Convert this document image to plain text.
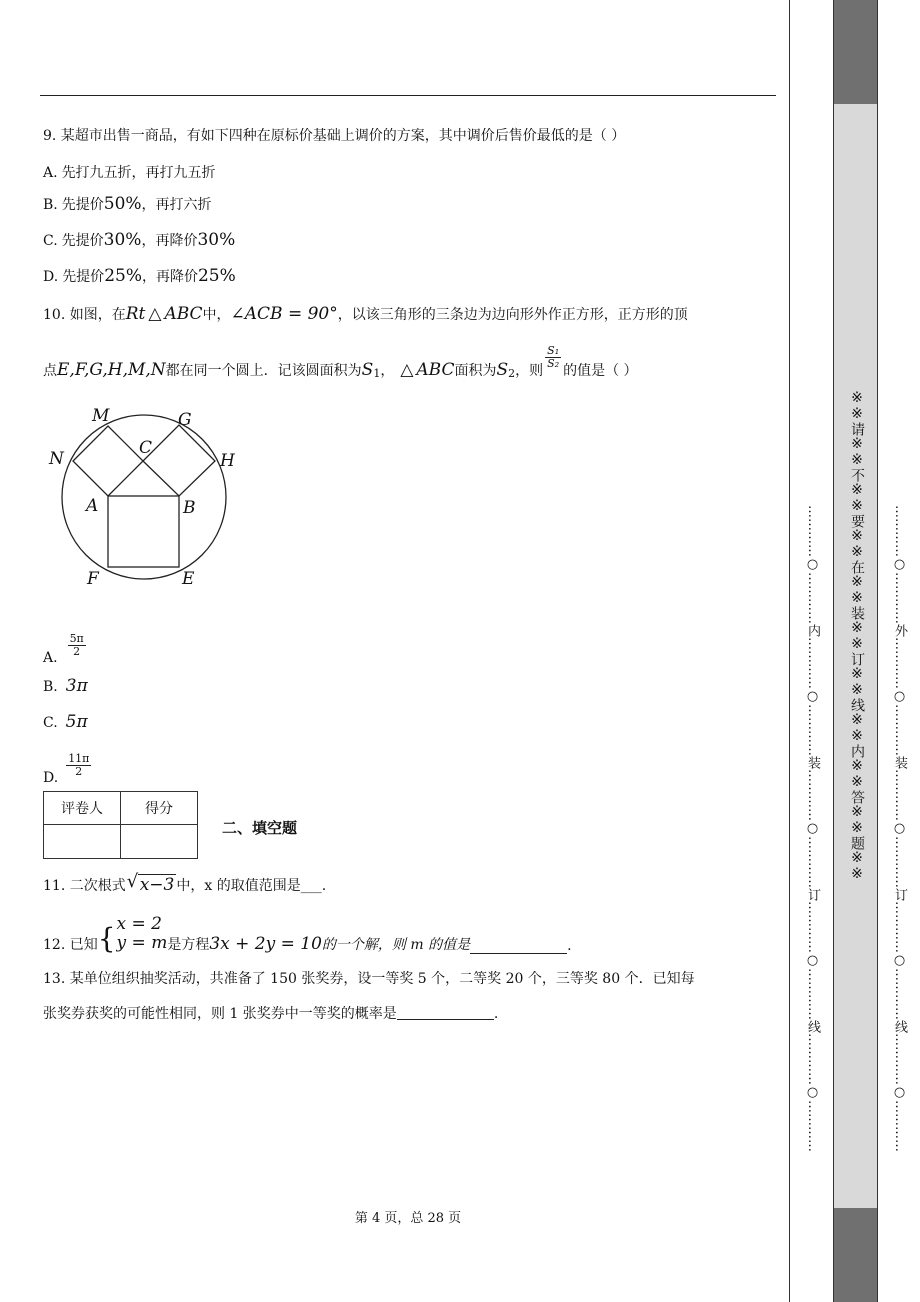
9. 某超市出售一商品，有如下四种在原标价基础上调价的方案，其中调价后售价最低的是（ ）
A. 先打九五折，再打九五折
B. 先提价50%，再打六折
C. 先提价30%，再降价30%
D. 先提价25%，再降价25%
10. 如图，在Rt △ ABC中，∠ACB = 90°，以该三角形的三条边为边向形外作正方形，正方形的顶
点 E,F,G,H,M,N 都在同一个圆上．记该圆面积为 $S_1$ ， △ ABC 面积为 $S_2$ ，则
$\frac{\text{S₁}}{\text{S₂}}$
的值是（ ）
M	G
N
C
H
A	B
F	E
A. $\frac{5\pi}{2}$
B. 3π
C. 5π
D. $\frac{11\pi}{2}$
评卷人	得分

二、填空题
11. 二次根式 √ x−3 中，x 的取值范围是___.
12. 已知 { x = 2
y = m 是方程 3x + 2y = 10 的一个解，则 m 的值是	.
13. 某单位组织抽奖活动，共准备了 150 张奖券，设一等奖 5 个，二等奖 20 个，三等奖 80 个．已知每
张奖券获奖的可能性相同，则 1 张奖券中一等奖的概率是	.
第 4 页，总 28 页
…………○…………内…………○…………装…………○…………订…………○…………线…………○………… ※※请※※不※※要※※在※※装※※订※※线※※内※※答※※题※※ …………○…………外…………○…………装…………○…………订…………○…………线…………○…………
